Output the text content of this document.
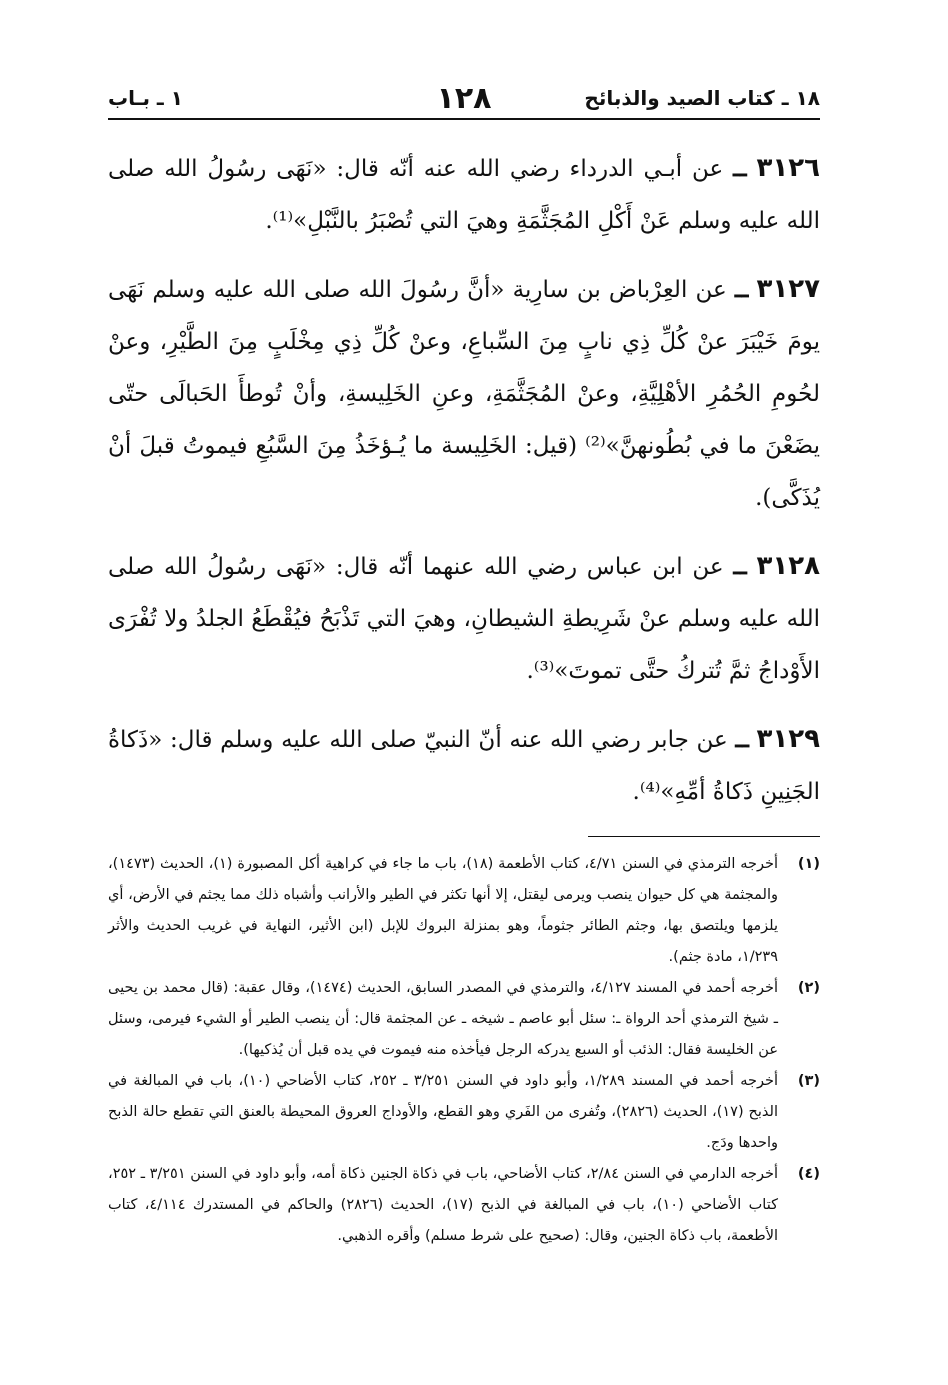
١٨ ـ كتاب الصيد والذبائح
١٢٨
١ ـ بـاب

٣١٢٦ ــ عن أبـي الدرداء رضي الله عنه أنّه قال: «نَهَى رسُولُ الله صلى الله عليه وسلم عَنْ أَكْلِ المُجَثَّمَةِ وهيَ التي تُصْبَرُ بالنَّبْلِ»⁽¹⁾.

٣١٢٧ ــ عن العِرْباض بن سارِية «أنَّ رسُولَ الله صلى الله عليه وسلم نَهَى يومَ خَيْبَرَ عنْ كُلِّ ذِي نابٍ مِنَ السِّباعِ، وعنْ كُلِّ ذِي مِخْلَبٍ مِنَ الطَّيْرِ، وعنْ لحُومِ الحُمُرِ الأهْلِيَّةِ، وعنْ المُجَثَّمَةِ، وعنِ الخَلِيسةِ، وأنْ تُوطأَ الحَبالَى حتّى يضَعْنَ ما في بُطُونهنَّ»⁽²⁾ (قيل: الخَلِيسة ما يُـؤخَذُ مِنَ السَّبُعِ فيموتُ قبلَ أنْ يُذَكَّى).

٣١٢٨ ــ عن ابن عباس رضي الله عنهما أنّه قال: «نَهَى رسُولُ الله صلى الله عليه وسلم عنْ شَرِيطةِ الشيطانِ، وهيَ التي تَذْبَحُ فيُقْطَعُ الجلدُ ولا تُفْرَى الأَوْداجُ ثمَّ تُتركُ حتَّى تموتَ»⁽³⁾.

٣١٢٩ ــ عن جابر رضي الله عنه أنّ النبيّ صلى الله عليه وسلم قال: «ذَكاةُ الجَنِينِ ذَكاةُ أمِّهِ»⁽⁴⁾.

(١)
أخرجه الترمذي في السنن ٤/٧١، كتاب الأطعمة (١٨)، باب ما جاء في كراهية أكل المصبورة (١)، الحديث (١٤٧٣)، والمجثمة هي كل حيوان ينصب ويرمى ليقتل، إلا أنها تكثر في الطير والأرانب وأشباه ذلك مما يجثم في الأرض، أي يلزمها ويلتصق بها، وجثم الطائر جثوماً، وهو بمنزلة البروك للإبل (ابن الأثير، النهاية في غريب الحديث والأثر ١/٢٣٩، مادة جثم).

(٢)
أخرجه أحمد في المسند ٤/١٢٧، والترمذي في المصدر السابق، الحديث (١٤٧٤)، وقال عقبة: (قال محمد بن يحيى ـ شيخ الترمذي أحد الرواة ـ: سئل أبو عاصم ـ شيخه ـ عن المجثمة قال: أن ينصب الطير أو الشيء فيرمى، وسئل عن الخليسة فقال: الذئب أو السبع يدركه الرجل فيأخذه منه فيموت في يده قبل أن يُذكيها).

(٣)
أخرجه أحمد في المسند ١/٢٨٩، وأبو داود في السنن ٣/٢٥١ ـ ٢٥٢، كتاب الأضاحي (١٠)، باب في المبالغة في الذبح (١٧)، الحديث (٢٨٢٦)، وتُفرى من الفَري وهو القطع، والأوداج العروق المحيطة بالعنق التي تقطع حالة الذبح واحدها ودَج.

(٤)
أخرجه الدارمي في السنن ٢/٨٤، كتاب الأضاحي، باب في ذكاة الجنين ذكاة أمه، وأبو داود في السنن ٣/٢٥١ ـ ٢٥٢، كتاب الأضاحي (١٠)، باب في المبالغة في الذبح (١٧)، الحديث (٢٨٢٦) والحاكم في المستدرك ٤/١١٤، كتاب الأطعمة، باب ذكاة الجنين، وقال: (صحيح على شرط مسلم) وأقره الذهبي.
